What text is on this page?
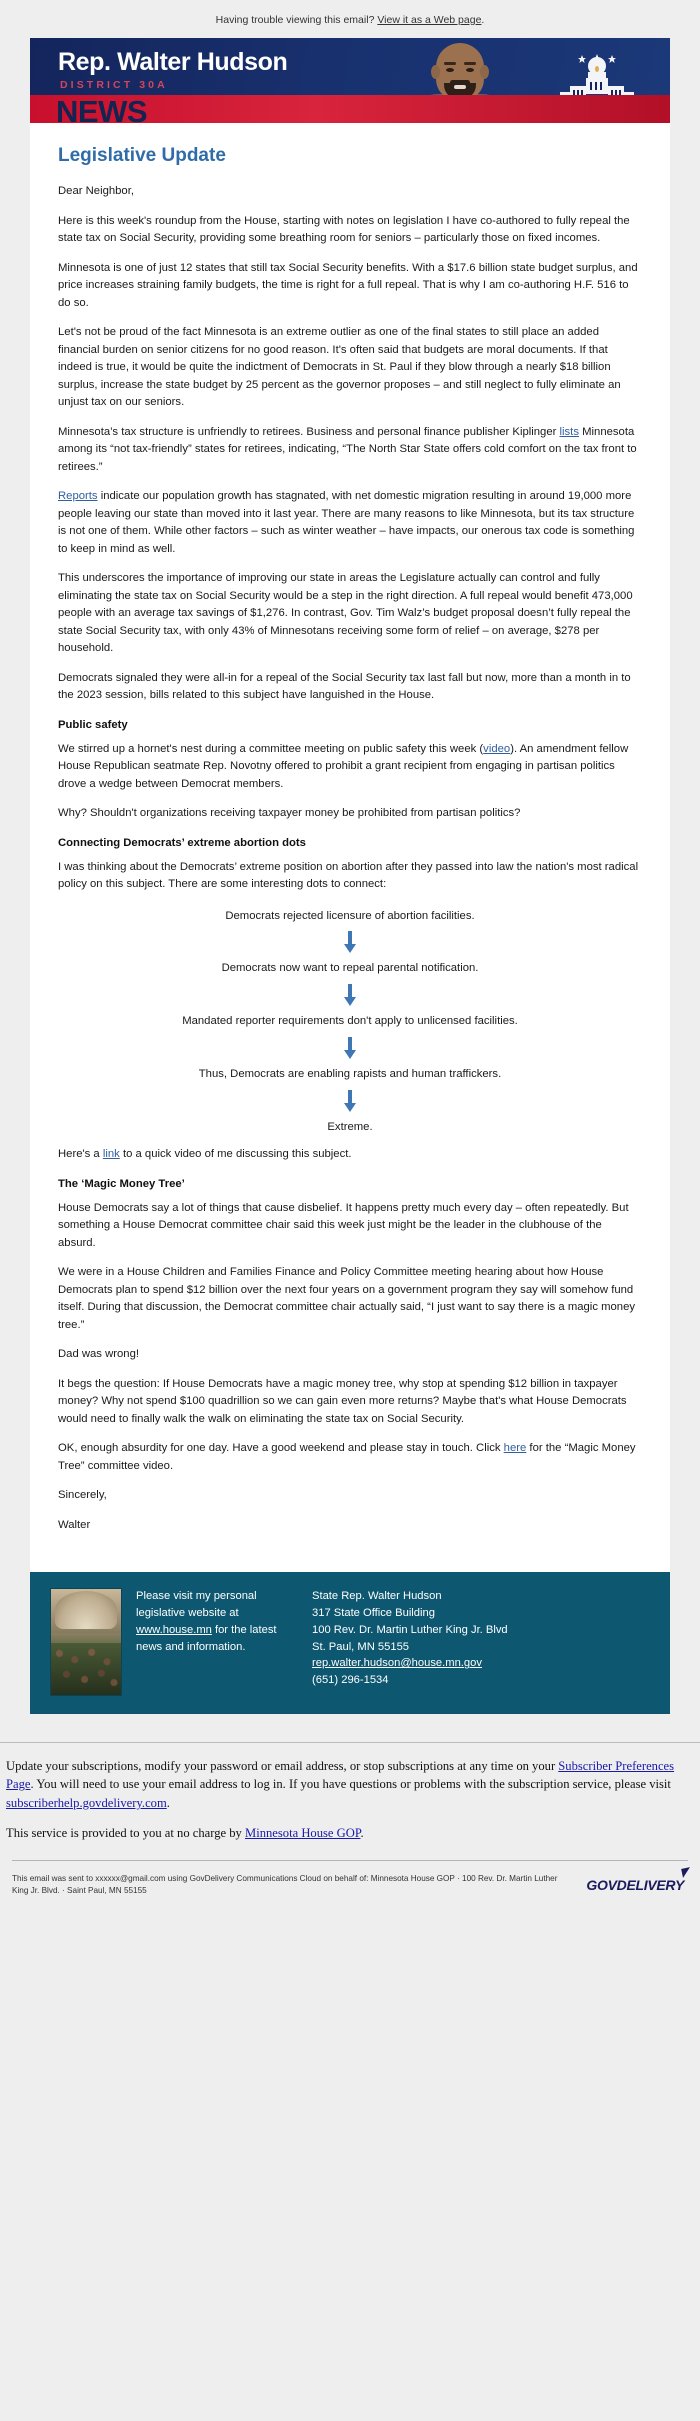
Having trouble viewing this email? View it as a Web page.
Rep. Walter Hudson
DISTRICT 30A
NEWS
Legislative Update

Dear Neighbor,

Here is this week's roundup from the House, starting with notes on legislation I have co-authored to fully repeal the state tax on Social Security, providing some breathing room for seniors – particularly those on fixed incomes.

Minnesota is one of just 12 states that still tax Social Security benefits. With a $17.6 billion state budget surplus, and price increases straining family budgets, the time is right for a full repeal. That is why I am co-authoring H.F. 516 to do so.

Let's not be proud of the fact Minnesota is an extreme outlier as one of the final states to still place an added financial burden on senior citizens for no good reason. It's often said that budgets are moral documents. If that indeed is true, it would be quite the indictment of Democrats in St. Paul if they blow through a nearly $18 billion surplus, increase the state budget by 25 percent as the governor proposes – and still neglect to fully eliminate an unjust tax on our seniors.

Minnesota’s tax structure is unfriendly to retirees. Business and personal finance publisher Kiplinger lists Minnesota among its “not tax-friendly” states for retirees, indicating, “The North Star State offers cold comfort on the tax front to retirees.”

Reports indicate our population growth has stagnated, with net domestic migration resulting in around 19,000 more people leaving our state than moved into it last year. There are many reasons to like Minnesota, but its tax structure is not one of them. While other factors – such as winter weather – have impacts, our onerous tax code is something to keep in mind as well.

This underscores the importance of improving our state in areas the Legislature actually can control and fully eliminating the state tax on Social Security would be a step in the right direction. A full repeal would benefit 473,000 people with an average tax savings of $1,276. In contrast, Gov. Tim Walz’s budget proposal doesn’t fully repeal the state Social Security tax, with only 43% of Minnesotans receiving some form of relief – on average, $278 per household.

Democrats signaled they were all-in for a repeal of the Social Security tax last fall but now, more than a month in to the 2023 session, bills related to this subject have languished in the House.

Public safety

We stirred up a hornet's nest during a committee meeting on public safety this week (video). An amendment fellow House Republican seatmate Rep. Novotny offered to prohibit a grant recipient from engaging in partisan politics drove a wedge between Democrat members.

Why? Shouldn't organizations receiving taxpayer money be prohibited from partisan politics?

Connecting Democrats’ extreme abortion dots

I was thinking about the Democrats’ extreme position on abortion after they passed into law the nation's most radical policy on this subject. There are some interesting dots to connect:

Democrats rejected licensure of abortion facilities.

Democrats now want to repeal parental notification.

Mandated reporter requirements don't apply to unlicensed facilities.

Thus, Democrats are enabling rapists and human traffickers.

Extreme.

Here's a link to a quick video of me discussing this subject.

The ‘Magic Money Tree’

House Democrats say a lot of things that cause disbelief. It happens pretty much every day – often repeatedly. But something a House Democrat committee chair said this week just might be the leader in the clubhouse of the absurd.

We were in a House Children and Families Finance and Policy Committee meeting hearing about how House Democrats plan to spend $12 billion over the next four years on a government program they say will somehow fund itself. During that discussion, the Democrat committee chair actually said, “I just want to say there is a magic money tree.”

Dad was wrong!

It begs the question: If House Democrats have a magic money tree, why stop at spending $12 billion in taxpayer money? Why not spend $100 quadrillion so we can gain even more returns? Maybe that's what House Democrats would need to finally walk the walk on eliminating the state tax on Social Security.

OK, enough absurdity for one day. Have a good weekend and please stay in touch. Click here for the “Magic Money Tree” committee video.

Sincerely,

Walter

Please visit my personal legislative website at www.house.mn for the latest news and information.
State Rep. Walter Hudson
317 State Office Building
100 Rev. Dr. Martin Luther King Jr. Blvd
St. Paul, MN 55155
rep.walter.hudson@house.mn.gov
(651) 296-1534

Update your subscriptions, modify your password or email address, or stop subscriptions at any time on your Subscriber Preferences Page. You will need to use your email address to log in. If you have questions or problems with the subscription service, please visit subscriberhelp.govdelivery.com.

This service is provided to you at no charge by Minnesota House GOP.

This email was sent to xxxxxx@gmail.com using GovDelivery Communications Cloud on behalf of: Minnesota House GOP · 100 Rev. Dr. Martin Luther King Jr. Blvd. · Saint Paul, MN 55155	GOVDELIVERY
